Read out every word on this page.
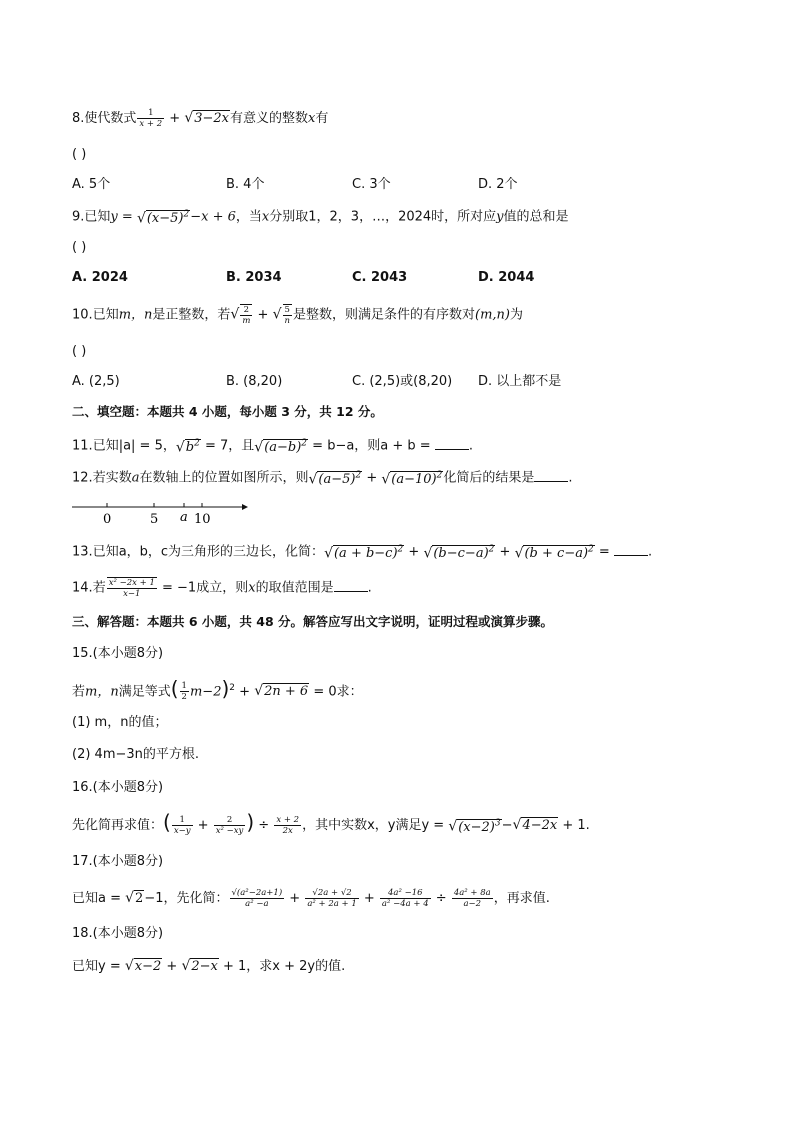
8.使代数式 $\frac{1}{x + 2} + √3-2x$有意义的整数x有
( )
A. 5个	B. 4个	C. 3个	D. 2个
9.已知$y = √(x-5)^2-x + 6$，当x分别取1，2，3，…，2024时，所对应y值的总和是
( )
A. 2024	B. 2034	C. 2043	D. 2044
10.已知m，n是正整数，若√ $\frac{2}{m}$ + √ $\frac{5}{n}$ 是整数，则满足条件的有序数对(m,n)为
( )
A. (2,5)	B. (8,20)	C. (2,5)或(8,20) D. 以上都不是
二、填空题：本题共 4 小题，每小题 3 分，共 12 分。
11.已知|a| = 5，$√b^2 = 7$，且$√(a-b)^2 = b-a$，则a + b =	.
12.若实数a在数轴上的位置如图所示，则$√(a-5)^2 + √(a-10)^2$化简后的结果是	.
0	5 a 10
13.已知a，b，c为三角形的三边长，化简：$√(a + b-c)^2 + √(b-c-a)^2 + √(b + c-a)^2$ =	.
14.若 $\frac{\text{x² −2x + 1}}{x-1} = -1$成立，则x的取值范围是	.
三、解答题：本题共 6 小题，共 48 分。解答应写出文字说明，证明过程或演算步骤。
15.(本小题8分)
若m，n满足等式( $\frac{1}{2} m-2)^2 + √2n + 6 = 0$求：
(1) m，n的值；
(2) 4m−3n的平方根.
16.(本小题8分)
先化简再求值：( $\frac{1}{x-y} + \frac{2}{\text{x² −xy}}$ ) ÷ $\frac{x + 2}{2x}$ ，其中实数x，y满足$y = √(x-2)^3-√4-2x + 1$.
17.(本小题8分)
已知a = √2−1，先化简： $\frac{\text{√(a²−2a+1)}}{\text{a² −a}} + \frac{√2a + √2}{\text{a² + 2a + 1}} + \frac{\text{4a² −16}}{\text{a² −4a + 4}} \div \frac{\text{4a² + 8a}}{a-2}$ ，再求值.
18.(本小题8分)
已知y = √x−2 + √2−x + 1，求x + 2y的值.
